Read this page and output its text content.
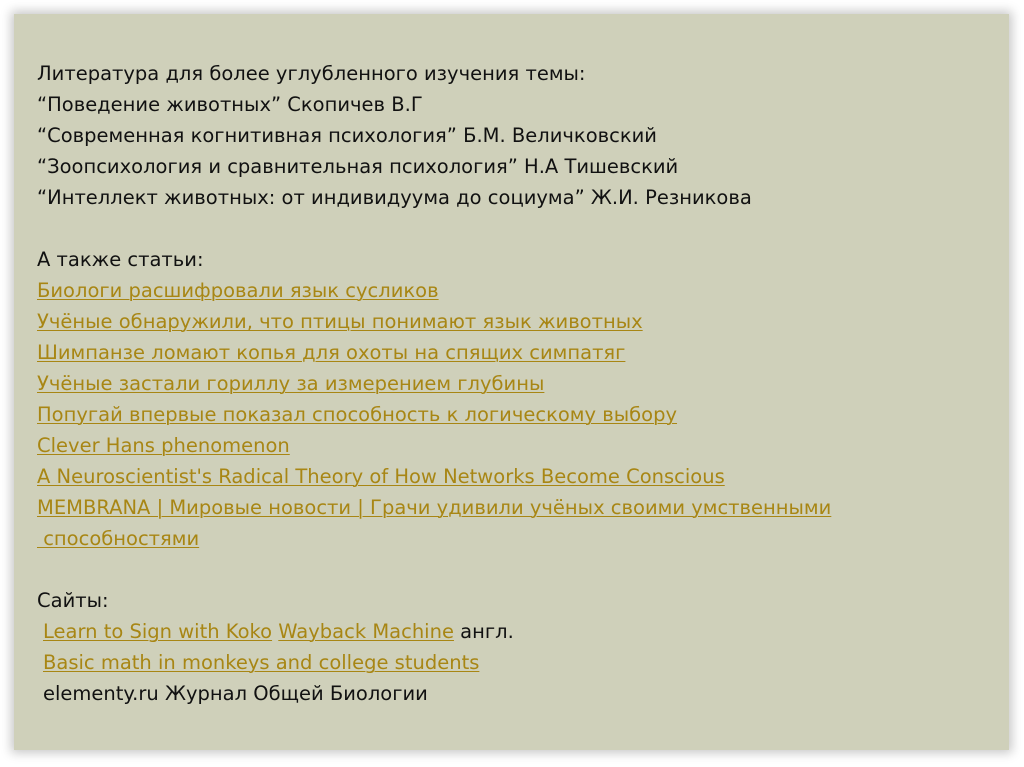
Литература для более углубленного изучения темы:
“Поведение животных” Скопичев В.Г
“Современная когнитивная психология” Б.М. Величковский
“Зоопсихология и сравнительная психология” Н.А Тишевский
“Интеллект животных: от индивидуума до социума” Ж.И. Резникова
А также статьи:
Биологи расшифровали язык сусликов
Учёные обнаружили, что птицы понимают язык животных
Шимпанзе ломают копья для охоты на спящих симпатяг
Учёные застали гориллу за измерением глубины
Попугай впервые показал способность к логическому выбору
Clever Hans phenomenon
A Neuroscientist's Radical Theory of How Networks Become Conscious
MEMBRANA | Мировые новости | Грачи удивили учёных своими умственными
способностями
Сайты:
Learn to Sign with Koko Wayback Machine англ.
Basic math in monkeys and college students
elementy.ru Журнал Общей Биологии
